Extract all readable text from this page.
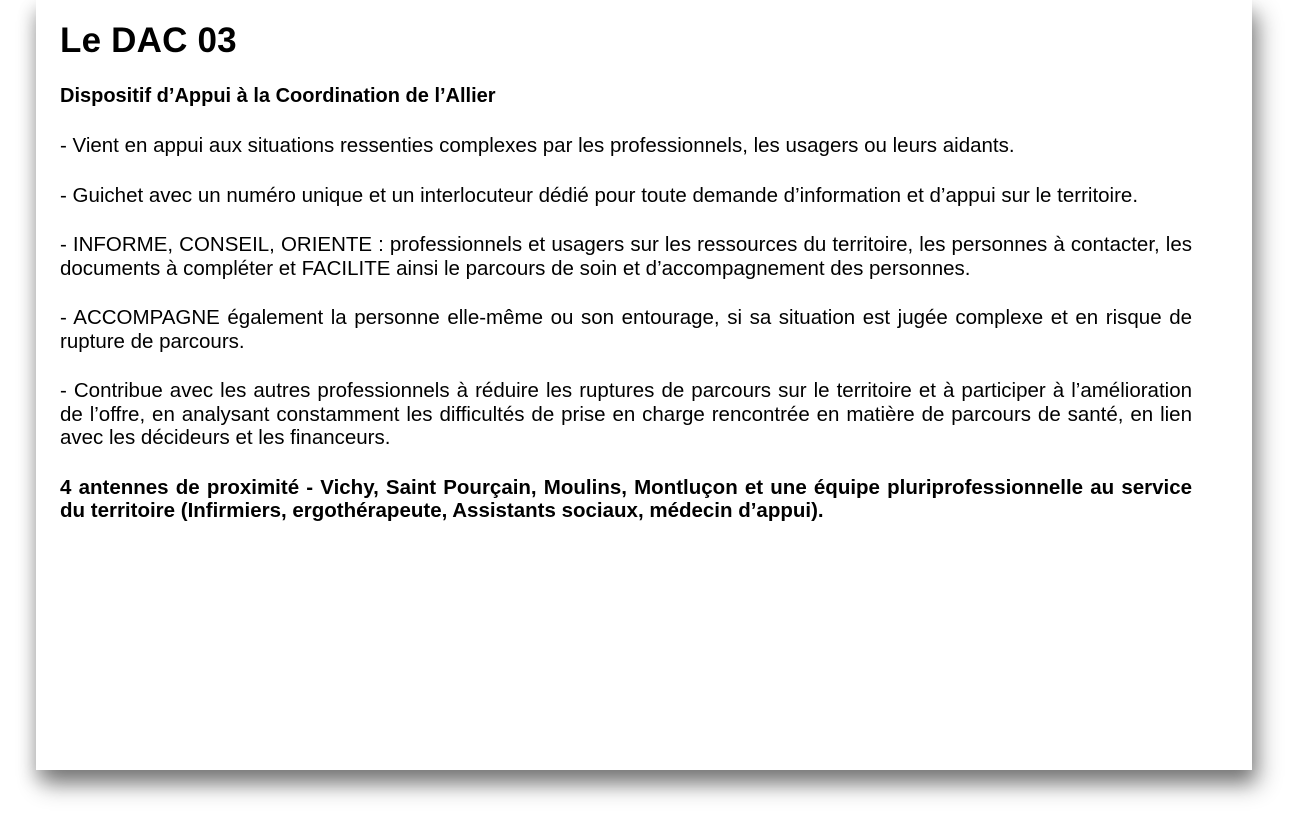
Le DAC 03

Dispositif d’Appui à la Coordination de l’Allier

- Vient en appui aux situations ressenties complexes par les professionnels, les usagers ou leurs aidants.

- Guichet avec un numéro unique et un interlocuteur dédié pour toute demande d’information et d’appui sur le territoire.

- INFORME, CONSEIL, ORIENTE : professionnels et usagers sur les ressources du territoire, les personnes à contacter, les documents à compléter et FACILITE ainsi le parcours de soin et d’accompagnement des personnes.

- ACCOMPAGNE également la personne elle-même ou son entourage, si sa situation est jugée complexe et en risque de rupture de parcours.

- Contribue avec les autres professionnels à réduire les ruptures de parcours sur le territoire et à participer à l’amélioration de l’offre, en analysant constamment les difficultés de prise en charge rencontrée en matière de parcours de santé, en lien avec les décideurs et les financeurs.

4 antennes de proximité - Vichy, Saint Pourçain, Moulins, Montluçon et une équipe pluriprofessionnelle au service du territoire (Infirmiers, ergothérapeute, Assistants sociaux, médecin d’appui).
